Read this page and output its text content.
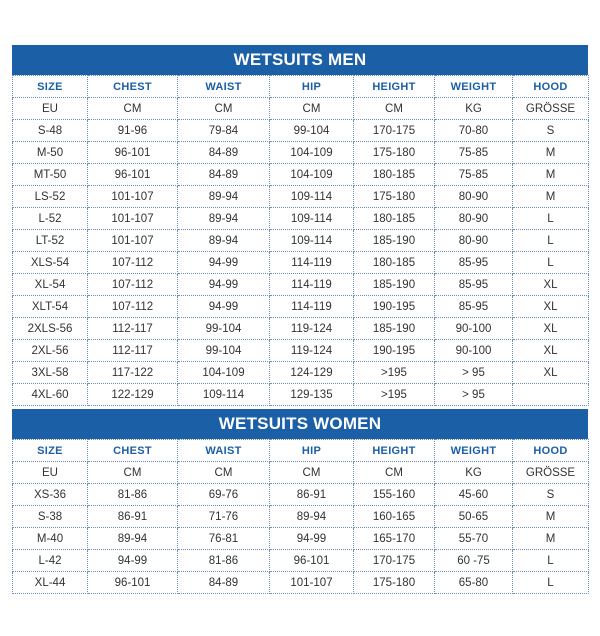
WETSUITS MEN
SIZE	CHEST	WAIST	HIP	HEIGHT	WEIGHT	HOOD
EU	CM	CM	CM	CM	KG	GRÖSSE
S-48	91-96	79-84	99-104	170-175	70-80	S
M-50	96-101	84-89	104-109	175-180	75-85	M
MT-50	96-101	84-89	104-109	180-185	75-85	M
LS-52	101-107	89-94	109-114	175-180	80-90	M
L-52	101-107	89-94	109-114	180-185	80-90	L
LT-52	101-107	89-94	109-114	185-190	80-90	L
XLS-54	107-112	94-99	114-119	180-185	85-95	L
XL-54	107-112	94-99	114-119	185-190	85-95	XL
XLT-54	107-112	94-99	114-119	190-195	85-95	XL
2XLS-56	112-117	99-104	119-124	185-190	90-100	XL
2XL-56	112-117	99-104	119-124	190-195	90-100	XL
3XL-58	117-122	104-109	124-129	>195	> 95	XL
4XL-60	122-129	109-114	129-135	>195	> 95	
WETSUITS WOMEN
SIZE	CHEST	WAIST	HIP	HEIGHT	WEIGHT	HOOD
EU	CM	CM	CM	CM	KG	GRÖSSE
XS-36	81-86	69-76	86-91	155-160	45-60	S
S-38	86-91	71-76	89-94	160-165	50-65	M
M-40	89-94	76-81	94-99	165-170	55-70	M
L-42	94-99	81-86	96-101	170-175	60 -75	L
XL-44	96-101	84-89	101-107	175-180	65-80	L
